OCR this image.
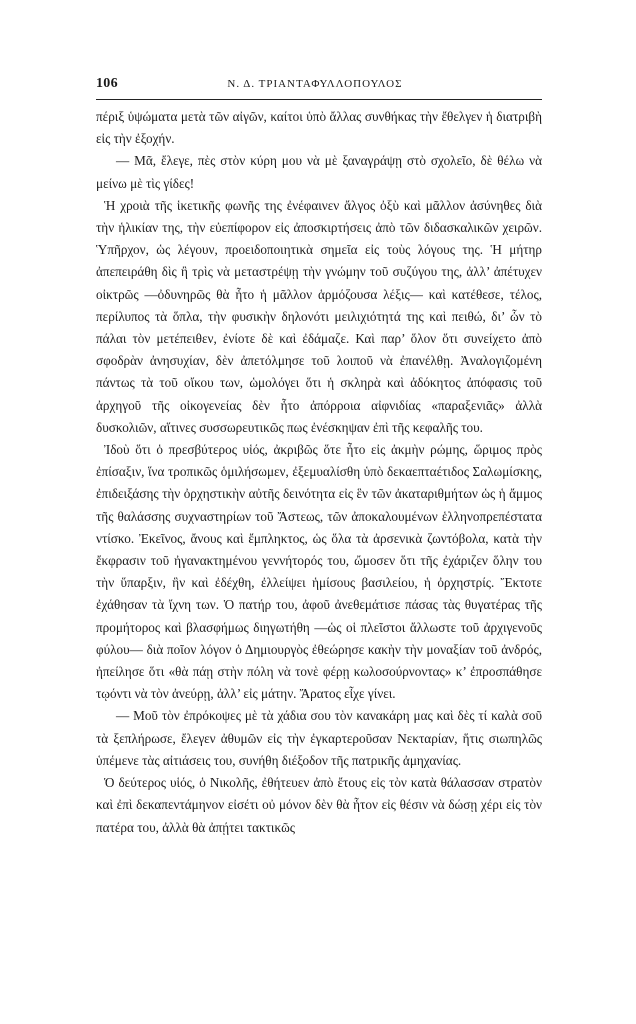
106	Ν. Δ. ΤΡΙΑΝΤΑΦΥΛΛΟΠΟΥΛΟΣ

πέριξ ὑψώματα μετὰ τῶν αἰγῶν, καίτοι ὑπὸ ἄλλας συνθήκας τὴν ἔθελγεν ἡ διατριβὴ εἰς τὴν ἐξοχήν.

— Μᾶ, ἔλεγε, πὲς στὸν κύρη μου νὰ μὲ ξαναγράψῃ στὸ σχολεῖο, δὲ θέλω νὰ μείνω μὲ τὶς γίδες!

Ἡ χροιὰ τῆς ἱκετικῆς φωνῆς της ἐνέφαινεν ἄλγος ὀξὺ καὶ μᾶλλον ἀσύνηθες διὰ τὴν ἡλικίαν της, τὴν εὐεπίφορον εἰς ἀποσκιρτήσεις ἀπὸ τῶν διδασκαλικῶν χειρῶν. Ὑπῆρχον, ὡς λέγουν, προειδοποιητικὰ σημεῖα εἰς τοὺς λόγους της. Ἡ μήτηρ ἀπεπειράθη δὶς ἢ τρὶς νὰ μεταστρέψῃ τὴν γνώμην τοῦ συζύγου της, ἀλλ’ ἀπέτυχεν οἰκτρῶς —ὀδυνηρῶς θὰ ἦτο ἡ μᾶλλον ἁρμόζουσα λέξις— καὶ κατέθεσε, τέλος, περίλυπος τὰ ὅπλα, τὴν φυσικὴν δηλονότι μειλιχιότητά της καὶ πειθώ, δι’ ὧν τὸ πάλαι τὸν μετέπειθεν, ἐνίοτε δὲ καὶ ἐδάμαζε. Καὶ παρ’ ὅλον ὅτι συνείχετο ἀπὸ σφοδρὰν ἀνησυχίαν, δὲν ἀπετόλμησε τοῦ λοιποῦ νὰ ἐπανέλθῃ. Ἀναλογιζομένη πάντως τὰ τοῦ οἴκου των, ὡμολόγει ὅτι ἡ σκληρὰ καὶ ἀδόκητος ἀπόφασις τοῦ ἀρχηγοῦ τῆς οἰκογενείας δὲν ἦτο ἀπόρροια αἰφνιδίας «παραξενιᾶς» ἀλλὰ δυσκολιῶν, αἵτινες συσσωρευτικῶς πως ἐνέσκηψαν ἐπὶ τῆς κεφαλῆς του.

Ἰδοὺ ὅτι ὁ πρεσβύτερος υἱός, ἀκριβῶς ὅτε ἦτο εἰς ἀκμὴν ρώμης, ὥριμος πρὸς ἐπίσαξιν, ἵνα τροπικῶς ὁμιλήσωμεν, ἐξεμυαλίσθη ὑπὸ δεκαεπταέτιδος Σαλωμίσκης, ἐπιδειξάσης τὴν ὀρχηστικὴν αὐτῆς δεινότητα εἰς ἓν τῶν ἀκαταριθμήτων ὡς ἡ ἄμμος τῆς θαλάσσης συχναστηρίων τοῦ Ἄστεως, τῶν ἀποκαλουμένων ἑλληνοπρεπέστατα ντίσκο. Ἐκεῖνος, ἄνους καὶ ἔμπληκτος, ὡς ὅλα τὰ ἀρσενικὰ ζωντόβολα, κατὰ τὴν ἔκφρασιν τοῦ ἠγανακτημένου γεννήτορός του, ὤμοσεν ὅτι τῆς ἐχάριζεν ὅλην του τὴν ὕπαρξιν, ἣν καὶ ἐδέχθη, ἐλλείψει ἡμίσους βασιλείου, ἡ ὀρχηστρίς. Ἔκτοτε ἐχάθησαν τὰ ἴχνη των. Ὁ πατήρ του, ἀφοῦ ἀνεθεμάτισε πάσας τὰς θυγατέρας τῆς προμήτορος καὶ βλασφήμως διηγωτήθη —ὡς οἱ πλεῖστοι ἄλλωστε τοῦ ἀρχιγενοῦς φύλου— διὰ ποῖον λόγον ὁ Δημιουργὸς ἐθεώρησε κακὴν τὴν μοναξίαν τοῦ ἀνδρός, ἠπείλησε ὅτι «θὰ πάῃ στὴν πόλη νὰ τονὲ φέρῃ κωλοσούρνοντας» κ’ ἐπροσπάθησε τῳόντι νὰ τὸν ἀνεύρῃ, ἀλλ’ εἰς μάτην. Ἄρατος εἶχε γίνει.

— Μοῦ τὸν ἐπρόκοψες μὲ τὰ χάδια σου τὸν κανακάρη μας καὶ δὲς τί καλὰ σοῦ τὰ ξεπλήρωσε, ἔλεγεν ἀθυμῶν εἰς τὴν ἐγκαρτεροῦσαν Νεκταρίαν, ἥτις σιωπηλῶς ὑπέμενε τὰς αἰτιάσεις του, συνήθη διέξοδον τῆς πατρικῆς ἀμηχανίας.

Ὁ δεύτερος υἱός, ὁ Νικολῆς, ἐθήτευεν ἀπὸ ἔτους εἰς τὸν κατὰ θάλασσαν στρατὸν καὶ ἐπὶ δεκαπεντάμηνον εἰσέτι οὐ μόνον δὲν θὰ ἦτον εἰς θέσιν νὰ δώσῃ χέρι εἰς τὸν πατέρα του, ἀλλὰ θὰ ἀπῄτει τακτικῶς
